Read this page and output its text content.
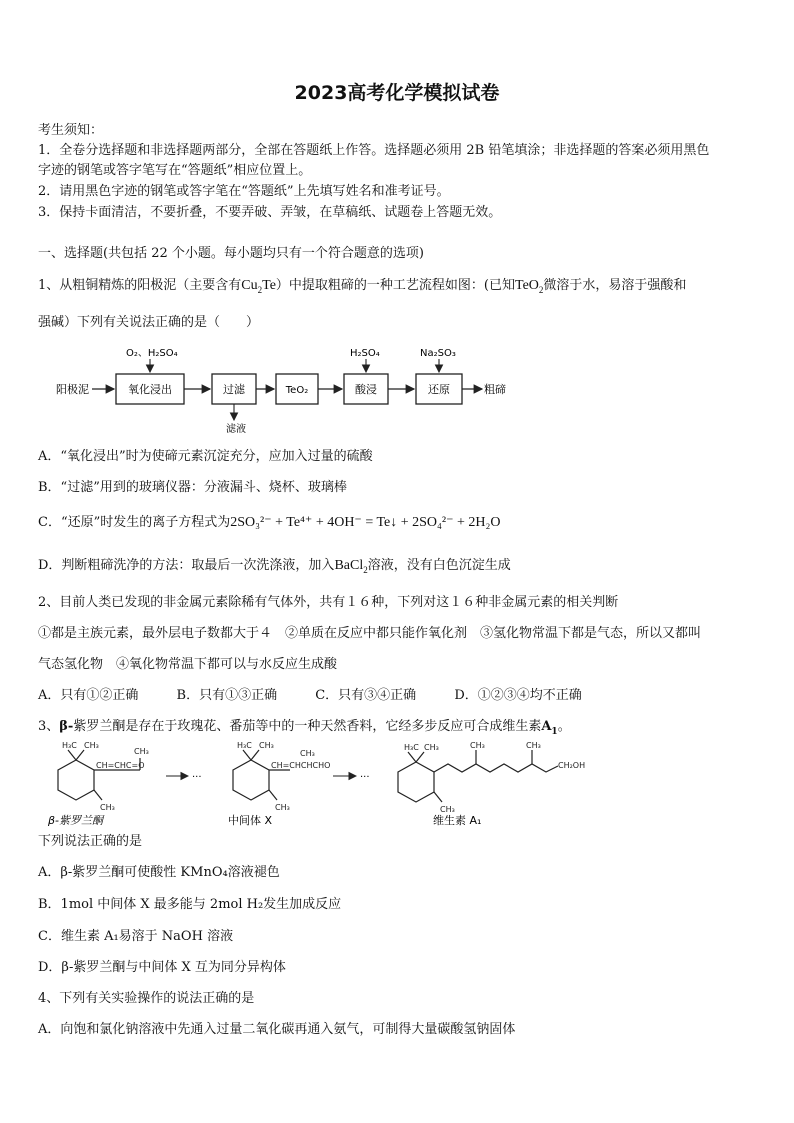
2023高考化学模拟试卷
考生须知：
1．全卷分选择题和非选择题两部分，全部在答题纸上作答。选择题必须用 2B 铅笔填涂；非选择题的答案必须用黑色
字迹的钢笔或答字笔写在“答题纸”相应位置上。
2．请用黑色字迹的钢笔或答字笔在“答题纸”上先填写姓名和准考证号。
3．保持卡面清洁，不要折叠，不要弄破、弄皱，在草稿纸、试题卷上答题无效。
一、选择题(共包括 22 个小题。每小题均只有一个符合题意的选项)
1、从粗铜精炼的阳极泥（主要含有$Cu_2Te$）中提取粗碲的一种工艺流程如图：(已知TeO$_2$微溶于水，易溶于强酸和
强碱）下列有关说法正确的是（　　）
阳极泥	氧化浸出
O₂、H₂SO₄
过滤
滤液
TeO₂	酸浸
H₂SO₄
还原
Na₂SO₃
粗碲
A．“氧化浸出”时为使碲元素沉淀充分，应加入过量的硫酸
B．“过滤”用到的玻璃仪器：分液漏斗、烧杯、玻璃棒
C．“还原”时发生的离子方程式为2SO₃²⁻ + Te⁴⁺ + 4OH⁻ = Te↓ + 2SO₄²⁻ + 2H₂O
D．判断粗碲洗净的方法：取最后一次洗涤液，加入BaCl$_2$溶液，没有白色沉淀生成
2、目前人类已发现的非金属元素除稀有气体外，共有１６种，下列对这１６种非金属元素的相关判断
①都是主族元素，最外层电子数都大于４　②单质在反应中都只能作氧化剂　③氢化物常温下都是气态，所以又都叫
气态氢化物　④氧化物常温下都可以与水反应生成酸
A．只有①②正确	B．只有①③正确	C．只有③④正确	D．①②③④均不正确
3、β-紫罗兰酮是存在于玫瑰花、番茄等中的一种天然香料，它经多步反应可合成维生素$A_1$。
H₃C CH₃
CH₃
CH=CHC=O
CH₃
H₃C CH₃
CH₃
CH=CHCHCHO
CH₃
H₃C CH₃
CH₃
CH₃	CH₃
CH₂OH
···	···
β-紫罗兰酮	中间体 X	维生素 A₁
下列说法正确的是
A．β-紫罗兰酮可使酸性 KMnO₄溶液褪色
B．1mol 中间体 X 最多能与 2mol H₂发生加成反应
C．维生素 A₁易溶于 NaOH 溶液
D．β-紫罗兰酮与中间体 X 互为同分异构体
4、下列有关实验操作的说法正确的是
A．向饱和氯化钠溶液中先通入过量二氧化碳再通入氨气，可制得大量碳酸氢钠固体
